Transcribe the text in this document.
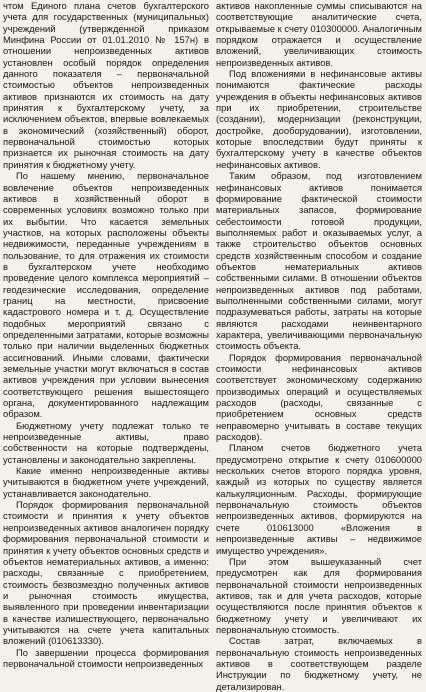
чтом Единого плана счетов бухгалтерского учета для государственных (муниципальных) учреждений (утвержденной приказом Минфина России от 01.01.2010 № 157н) в отношении непроизведенных активов установлен особый порядок определения данного показателя – первоначальной стоимостью объектов непроизведенных активов признаются их стоимость на дату принятия к бухгалтерскому учету, за исключением объектов, впервые вовлекаемых в экономический (хозяйственный) оборот, первоначальной стоимостью которых признается их рыночная стоимость на дату принятия к бюджетному учету.

По нашему мнению, первоначальное вовлечение объектов непроизведенных активов в хозяйственный оборот в современных условиях возможно только при их выбытии. Что касается земельных участков, на которых расположены объекты недвижимости, переданные учреждениям в пользование, то для отражения их стоимости в бухгалтерском учете необходимо проведение целого комплекса мероприятий – геодезические исследования, определение границ на местности, присвоение кадастрового номера и т. д. Осуществление подобных мероприятий связано с определенными затратами, которые возможны только при наличии выделенных бюджетных ассигнований. Иными словами, фактически земельные участки могут включаться в состав активов учреждения при условии вынесения соответствующего решения вышестоящего органа, документированного надлежащим образом.

Бюджетному учету подлежат только те непроизведенные активы, право собственности на которые подтверждены, установлены и законодательно закреплены.

Какие именно непроизведенные активы учитываются в бюджетном учете учреждений, устанавливается законодательно.

Порядок формирования первоначальной стоимости и принятия к учету объектов непроизведенных активов аналогичен порядку формирования первоначальной стоимости и принятия к учету объектов основных средств и объектов нематериальных активов, а именно: расходы, связанные с приобретением, стоимость безвозмездно полученных активов и рыночная стоимость имущества, выявленного при проведении инвентаризации в качестве излишествующего, первоначально учитываются на счете учета капитальных вложений (010613330).

По завершении процесса формирования первоначальной стоимости непроизведенных

активов накопленные суммы списываются на соответствующие аналитические счета, открываемые к счету 010300000. Аналогичным порядком отражается и осуществление вложений, увеличивающих стоимость непроизведенных активов.

Под вложениями в нефинансовые активы понимаются фактические расходы учреждения в объекты нефинансовых активов при их приобретении, строительстве (создании), модернизации (реконструкции, достройке, дооборудовании), изготовлении, которые впоследствии будут приняты к бухгалтерскому учету в качестве объектов нефинансовых активов.

Таким образом, под изготовлением нефинансовых активов понимается формирование фактической стоимости материальных запасов, формирование себестоимости готовой продукции, выполняемых работ и оказываемых услуг, а также строительство объектов основных средств хозяйственным способом и создание объектов нематериальных активов собственными силами. В отношении объектов непроизведенных активов под работами, выполненными собственными силами, могут подразумеваться работы, затраты на которые являются расходами неинвентарного характера, увеличивающими первоначальную стоимость объекта.

Порядок формирования первоначальной стоимости нефинансовых активов соответствует экономическому содержанию производимых операций и осуществляемых расходов (расходы, связанные с приобретением основных средств неправомерно учитывать в составе текущих расходов).

Планом счетов бюджетного учета предусмотрено открытие к счету 010600000 нескольких счетов второго порядка уровня, каждый из которых по существу является калькуляционным. Расходы, формирующие первоначальную стоимость объектов непроизведенных активов, формируются на счете 010613000 «Вложения в непроизведенные активы – недвижимое имущество учреждения».

При этом вышеуказанный счет предусмотрен как для формирования первоначальной стоимости непроизведенных активов, так и для учета расходов, которые осуществляются после принятия объектов к бюджетному учету и увеличивают их первоначальную стоимость.

Состав затрат, включаемых в первоначальную стоимость непроизведенных активов в соответствующем разделе Инструкции по бюджетному учету, не детализирован.
